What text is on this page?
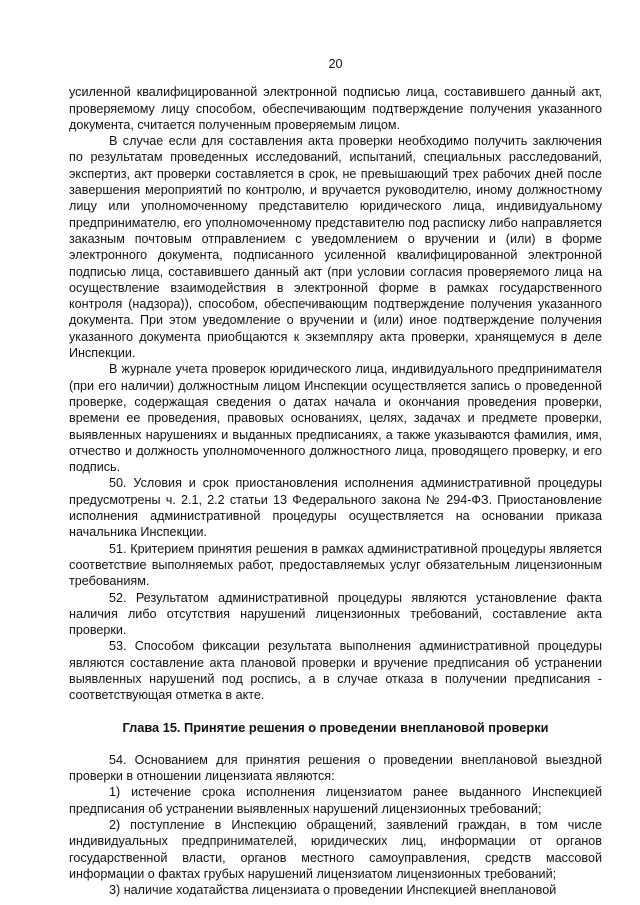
20

усиленной квалифицированной электронной подписью лица, составившего данный акт, проверяемому лицу способом, обеспечивающим подтверждение получения указанного документа, считается полученным проверяемым лицом.

В случае если для составления акта проверки необходимо получить заключения по результатам проведенных исследований, испытаний, специальных расследований, экспертиз, акт проверки составляется в срок, не превышающий трех рабочих дней после завершения мероприятий по контролю, и вручается руководителю, иному должностному лицу или уполномоченному представителю юридического лица, индивидуальному предпринимателю, его уполномоченному представителю под расписку либо направляется заказным почтовым отправлением с уведомлением о вручении и (или) в форме электронного документа, подписанного усиленной квалифицированной электронной подписью лица, составившего данный акт (при условии согласия проверяемого лица на осуществление взаимодействия в электронной форме в рамках государственного контроля (надзора)), способом, обеспечивающим подтверждение получения указанного документа. При этом уведомление о вручении и (или) иное подтверждение получения указанного документа приобщаются к экземпляру акта проверки, хранящемуся в деле Инспекции.

В журнале учета проверок юридического лица, индивидуального предпринимателя (при его наличии) должностным лицом Инспекции осуществляется запись о проведенной проверке, содержащая сведения о датах начала и окончания проведения проверки, времени ее проведения, правовых основаниях, целях, задачах и предмете проверки, выявленных нарушениях и выданных предписаниях, а также указываются фамилия, имя, отчество и должность уполномоченного должностного лица, проводящего проверку, и его подпись.

50. Условия и срок приостановления исполнения административной процедуры предусмотрены ч. 2.1, 2.2 статьи 13 Федерального закона № 294-ФЗ. Приостановление исполнения административной процедуры осуществляется на основании приказа начальника Инспекции.

51. Критерием принятия решения в рамках административной процедуры является соответствие выполняемых работ, предоставляемых услуг обязательным лицензионным требованиям.

52. Результатом административной процедуры являются установление факта наличия либо отсутствия нарушений лицензионных требований, составление акта проверки.

53. Способом фиксации результата выполнения административной процедуры являются составление акта плановой проверки и вручение предписания об устранении выявленных нарушений под роспись, а в случае отказа в получении предписания - соответствующая отметка в акте.

Глава 15. Принятие решения о проведении внеплановой проверки

54. Основанием для принятия решения о проведении внеплановой выездной проверки в отношении лицензиата являются:

1) истечение срока исполнения лицензиатом ранее выданного Инспекцией предписания об устранении выявленных нарушений лицензионных требований;

2) поступление в Инспекцию обращений, заявлений граждан, в том числе индивидуальных предпринимателей, юридических лиц, информации от органов государственной власти, органов местного самоуправления, средств массовой информации о фактах грубых нарушений лицензиатом лицензионных требований;

3) наличие ходатайства лицензиата о проведении Инспекцией внеплановой
